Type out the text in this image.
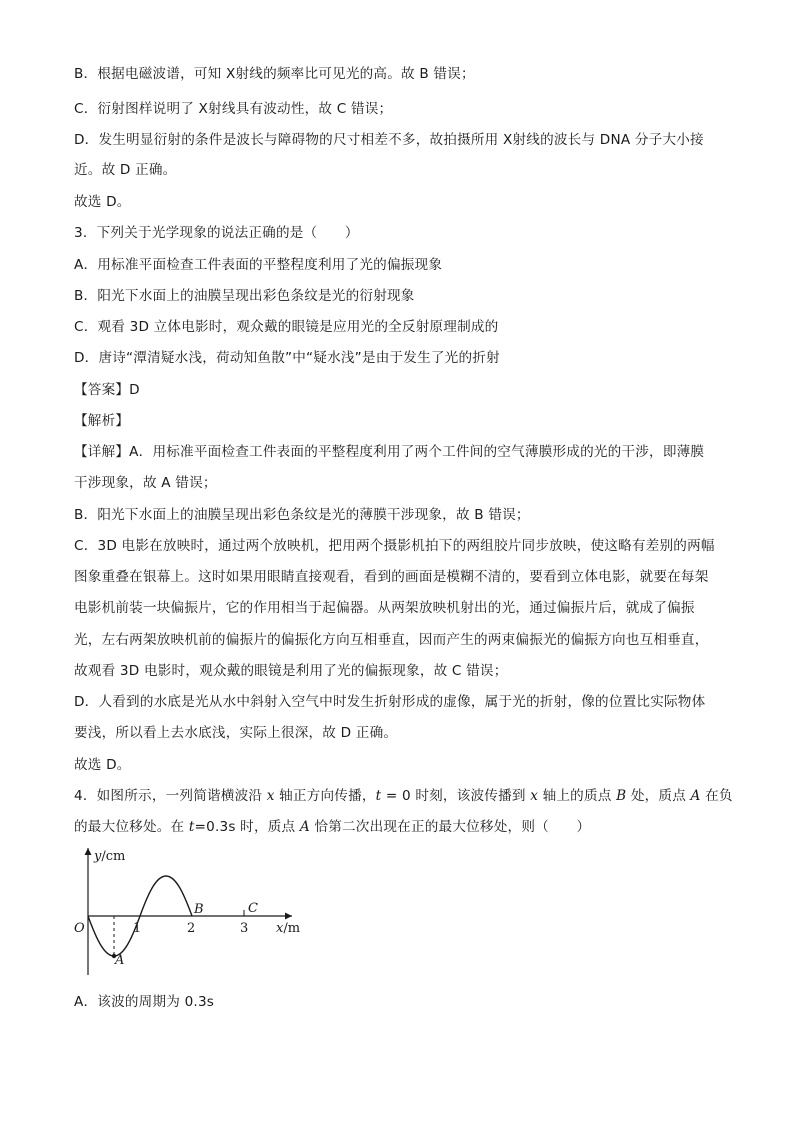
B．根据电磁波谱，可知 X射线的频率比可见光的高。故 B 错误；
C．衍射图样说明了 X射线具有波动性，故 C 错误；
D．发生明显衍射的条件是波长与障碍物的尺寸相差不多，故拍摄所用 X射线的波长与 DNA 分子大小接
近。故 D 正确。
故选 D。
3．下列关于光学现象的说法正确的是（　　）
A．用标准平面检查工件表面的平整程度利用了光的偏振现象
B．阳光下水面上的油膜呈现出彩色条纹是光的衍射现象
C．观看 3D 立体电影时，观众戴的眼镜是应用光的全反射原理制成的
D．唐诗“潭清疑水浅，荷动知鱼散”中“疑水浅”是由于发生了光的折射
【答案】D
【解析】
【详解】A．用标准平面检查工件表面的平整程度利用了两个工件间的空气薄膜形成的光的干涉，即薄膜
干涉现象，故 A 错误；
B．阳光下水面上的油膜呈现出彩色条纹是光的薄膜干涉现象，故 B 错误；
C．3D 电影在放映时，通过两个放映机，把用两个摄影机拍下的两组胶片同步放映，使这略有差别的两幅
图象重叠在银幕上。这时如果用眼睛直接观看，看到的画面是模糊不清的，要看到立体电影，就要在每架
电影机前装一块偏振片，它的作用相当于起偏器。从两架放映机射出的光，通过偏振片后，就成了偏振
光，左右两架放映机前的偏振片的偏振化方向互相垂直，因而产生的两束偏振光的偏振方向也互相垂直，
故观看 3D 电影时，观众戴的眼镜是利用了光的偏振现象，故 C 错误；
D．人看到的水底是光从水中斜射入空气中时发生折射形成的虚像，属于光的折射，像的位置比实际物体
要浅，所以看上去水底浅，实际上很深，故 D 正确。
故选 D。
4．如图所示，一列简谐横波沿 x 轴正方向传播，t = 0 时刻，该波传播到 x 轴上的质点 B 处，质点 A 在负
的最大位移处。在 t=0.3s 时，质点 A 恰第二次出现在正的最大位移处，则（　　）
y/cm
O	1	2	3 x/m
A
B	C
A．该波的周期为 0.3s
